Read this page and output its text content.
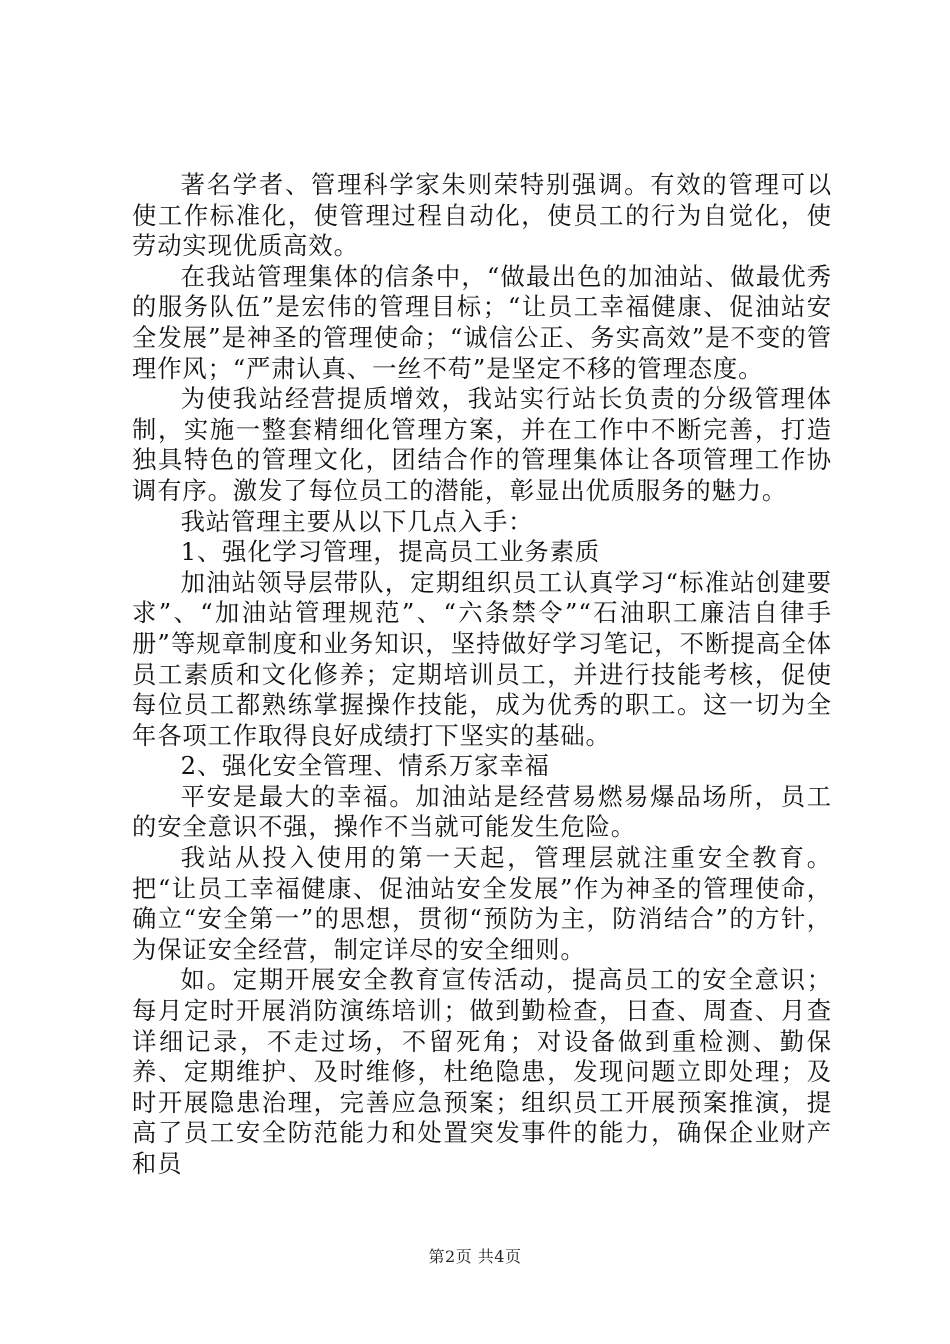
著名学者、管理科学家朱则荣特别强调。有效的管理可以使工作标准化，使管理过程自动化，使员工的行为自觉化，使劳动实现优质高效。

在我站管理集体的信条中，“做最出色的加油站、做最优秀的服务队伍”是宏伟的管理目标；“让员工幸福健康、促油站安全发展”是神圣的管理使命；“诚信公正、务实高效”是不变的管理作风；“严肃认真、一丝不苟”是坚定不移的管理态度。

为使我站经营提质增效，我站实行站长负责的分级管理体制，实施一整套精细化管理方案，并在工作中不断完善，打造独具特色的管理文化，团结合作的管理集体让各项管理工作协调有序。激发了每位员工的潜能，彰显出优质服务的魅力。

我站管理主要从以下几点入手：

1、强化学习管理，提高员工业务素质

加油站领导层带队，定期组织员工认真学习“标准站创建要求”、“加油站管理规范”、“六条禁令”“石油职工廉洁自律手册”等规章制度和业务知识，坚持做好学习笔记，不断提高全体员工素质和文化修养；定期培训员工，并进行技能考核，促使每位员工都熟练掌握操作技能，成为优秀的职工。这一切为全年各项工作取得良好成绩打下坚实的基础。

2、强化安全管理、情系万家幸福

平安是最大的幸福。加油站是经营易燃易爆品场所，员工的安全意识不强，操作不当就可能发生危险。

我站从投入使用的第一天起，管理层就注重安全教育。把“让员工幸福健康、促油站安全发展”作为神圣的管理使命，确立“安全第一”的思想，贯彻“预防为主，防消结合”的方针，为保证安全经营，制定详尽的安全细则。

如。定期开展安全教育宣传活动，提高员工的安全意识；每月定时开展消防演练培训；做到勤检查，日查、周查、月查详细记录，不走过场，不留死角；对设备做到重检测、勤保养、定期维护、及时维修，杜绝隐患，发现问题立即处理；及时开展隐患治理，完善应急预案；组织员工开展预案推演，提高了员工安全防范能力和处置突发事件的能力，确保企业财产和员

第2页 共4页
